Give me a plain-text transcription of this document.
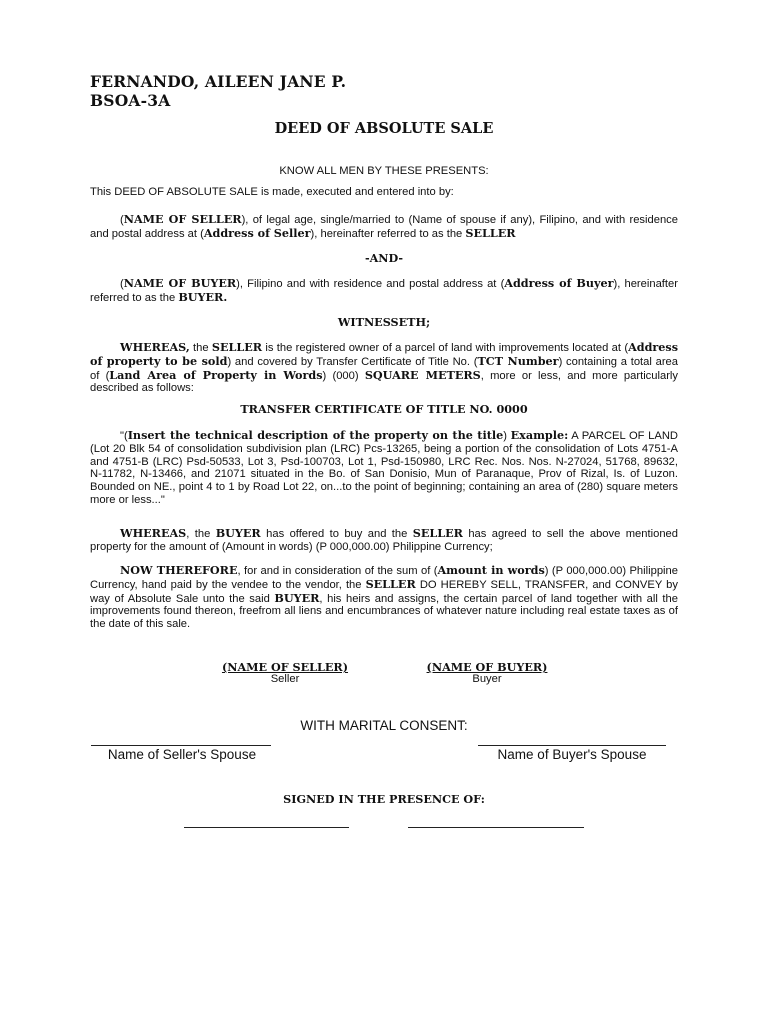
FERNANDO, AILEEN JANE P.
BSOA-3A
DEED OF ABSOLUTE SALE

KNOW ALL MEN BY THESE PRESENTS:

This DEED OF ABSOLUTE SALE is made, executed and entered into by:

(NAME OF SELLER), of legal age, single/married to (Name of spouse if any), Filipino, and with residence and postal address at (Address of Seller), hereinafter referred to as the SELLER

-AND-

(NAME OF BUYER), Filipino and with residence and postal address at (Address of Buyer), hereinafter referred to as the BUYER.

WITNESSETH;

WHEREAS, the SELLER is the registered owner of a parcel of land with improvements located at (Address of property to be sold) and covered by Transfer Certificate of Title No. (TCT Number) containing a total area of (Land Area of Property in Words) (000) SQUARE METERS, more or less, and more particularly described as follows:

TRANSFER CERTIFICATE OF TITLE NO. 0000

"(Insert the technical description of the property on the title) Example: A PARCEL OF LAND (Lot 20 Blk 54 of consolidation subdivision plan (LRC) Pcs-13265, being a portion of the consolidation of Lots 4751-A and 4751-B (LRC) Psd-50533, Lot 3, Psd-100703, Lot 1, Psd-150980, LRC Rec. Nos. Nos. N-27024, 51768, 89632, N-11782, N-13466, and 21071 situated in the Bo. of San Donisio, Mun of Paranaque, Prov of Rizal, Is. of Luzon. Bounded on NE., point 4 to 1 by Road Lot 22, on...to the point of beginning; containing an area of (280) square meters more or less..."

WHEREAS, the BUYER has offered to buy and the SELLER has agreed to sell the above mentioned property for the amount of (Amount in words) (P 000,000.00) Philippine Currency;

NOW THEREFORE, for and in consideration of the sum of (Amount in words) (P 000,000.00) Philippine Currency, hand paid by the vendee to the vendor, the SELLER DO HEREBY SELL, TRANSFER, and CONVEY by way of Absolute Sale unto the said BUYER, his heirs and assigns, the certain parcel of land together with all the improvements found thereon, freefrom all liens and encumbrances of whatever nature including real estate taxes as of the date of this sale.

(NAME OF SELLER)
Seller
(NAME OF BUYER)
Buyer
WITH MARITAL CONSENT:
Name of Seller's Spouse	Name of Buyer's Spouse
SIGNED IN THE PRESENCE OF:
